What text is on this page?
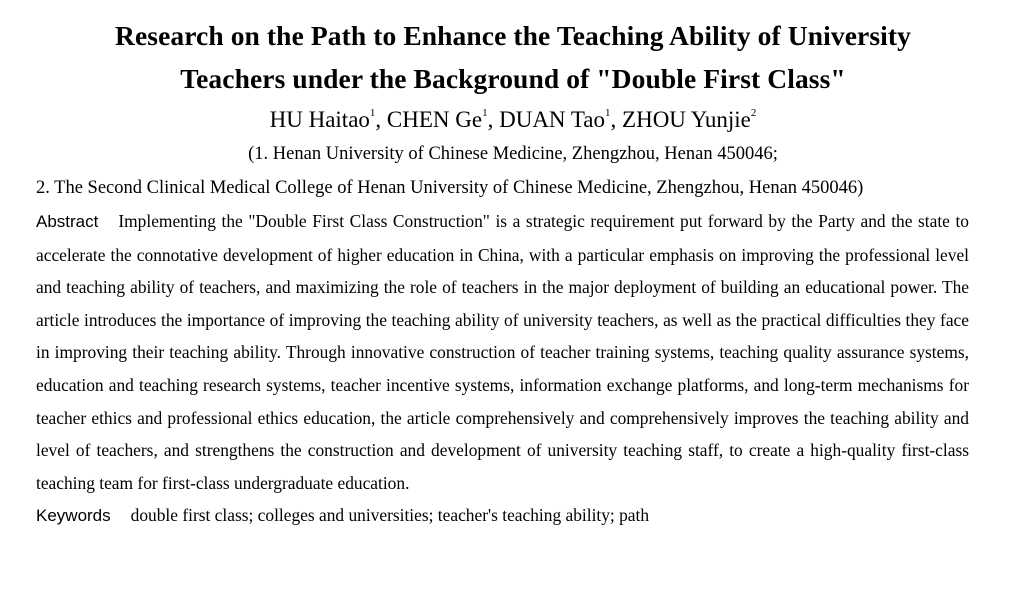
Research on the Path to Enhance the Teaching Ability of University
Teachers under the Background of "Double First Class"
HU Haitao$^1$, CHEN Ge$^1$, DUAN Tao$^1$, ZHOU Yunjie$^2$

(1. Henan University of Chinese Medicine, Zhengzhou, Henan 450046;

2. The Second Clinical Medical College of Henan University of Chinese Medicine, Zhengzhou, Henan 450046)

Abstract Implementing the "Double First Class Construction" is a strategic requirement put forward by the Party and the state to accelerate the connotative development of higher education in China, with a particular emphasis on improving the professional level and teaching ability of teachers, and maximizing the role of teachers in the major deployment of building an educational power. The article introduces the importance of improving the teaching ability of university teachers, as well as the practical difficulties they face in improving their teaching ability. Through innovative construction of teacher training systems, teaching quality assurance systems, education and teaching research systems, teacher incentive systems, information exchange platforms, and long-term mechanisms for teacher ethics and professional ethics education, the article comprehensively and comprehensively improves the teaching ability and level of teachers, and strengthens the construction and development of university teaching staff, to create a high-quality first-class teaching team for first-class undergraduate education.

Keywords double first class; colleges and universities; teacher's teaching ability; path
